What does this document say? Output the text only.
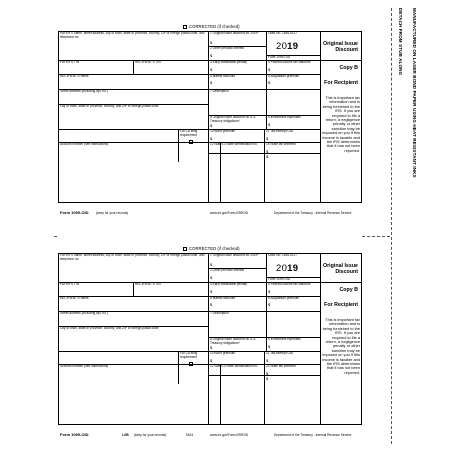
DETACH FROM STUB ALONG MANUFACTURED ON LASER BOND PAPER USING HEAT RESISTANT INKS
CORRECTED (if checked)
PAYER'S name, street address, city or town, state or province, country, ZIP or foreign postal code, and telephone no.
1 Original issue discount for 2019*
$
2 Other periodic interest
$
OMB No. 1545-0117
2019
Form 1099-OID
Original Issue Discount
PAYER'S TIN	RECIPIENT'S TIN	3 Early withdrawal penalty
$
4 Federal income tax withheld
$	Copy B
RECIPIENT'S name	5 Market discount
$
6 Acquisition premium
$	For Recipient
Street address (including apt. no.)	7 Description
City or town, state or province, country, and ZIP or foreign postal code
8 Original issue discount on U.S. Treasury obligations*
$
9 Investment expenses
$
FATCA filing requirement
10 Bond premium
$
11 Tax-exempt OID
$
Account number (see instructions)	12 State 13 State identification no.	14 State tax withheld
$
$
This is important tax information and is being furnished to the IRS. If you are required to file a return, a negligence penalty or other sanction may be imposed on you if this income is taxable and the IRS determines that it has not been reported.
Form 1099-OID (keep for your records)	www.irs.gov/Form1099OID	Department of the Treasury - Internal Revenue Service
CORRECTED (if checked)
PAYER'S name, street address, city or town, state or province, country, ZIP or foreign postal code, and telephone no.
1 Original issue discount for 2019*
$
2 Other periodic interest
$
OMB No. 1545-0117
2019
Form 1099-OID
Original Issue Discount
PAYER'S TIN	RECIPIENT'S TIN	3 Early withdrawal penalty
$
4 Federal income tax withheld
$	Copy B
RECIPIENT'S name	5 Market discount
$
6 Acquisition premium
$	For Recipient
Street address (including apt. no.)	7 Description
City or town, state or province, country, and ZIP or foreign postal code
8 Original issue discount on U.S. Treasury obligations*
$
9 Investment expenses
$
FATCA filing requirement
10 Bond premium
$
11 Tax-exempt OID
$
Account number (see instructions)	12 State 13 State identification no.	14 State tax withheld
$
$
This is important tax information and is being furnished to the IRS. If you are required to file a return, a negligence penalty or other sanction may be imposed on you if this income is taxable and the IRS determines that it has not been reported.
Form 1099-OID	LOB (keep for your records)	5164	www.irs.gov/Form1099OID	Department of the Treasury - Internal Revenue Service
